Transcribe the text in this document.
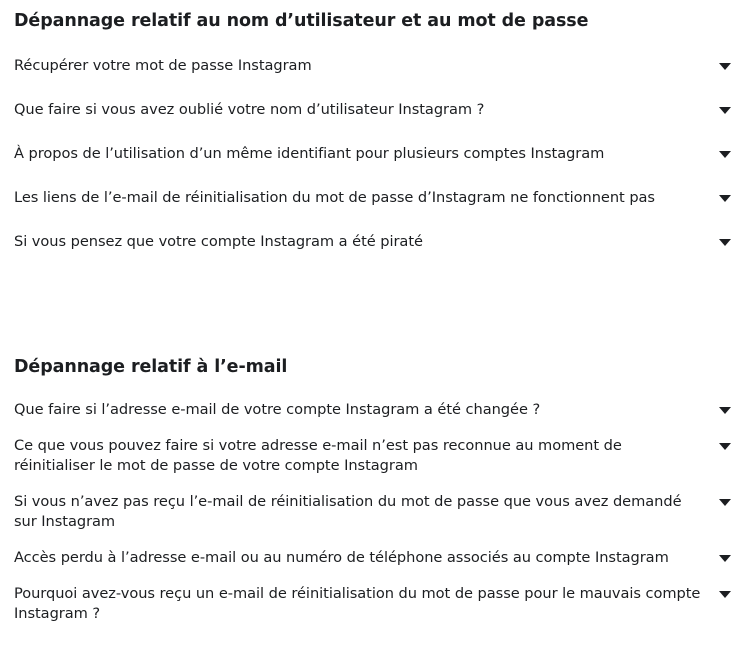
Dépannage relatif au nom d’utilisateur et au mot de passe
Récupérer votre mot de passe Instagram
Que faire si vous avez oublié votre nom d’utilisateur Instagram ?
À propos de l’utilisation d’un même identifiant pour plusieurs comptes Instagram
Les liens de l’e-mail de réinitialisation du mot de passe d’Instagram ne fonctionnent pas
Si vous pensez que votre compte Instagram a été piraté
Dépannage relatif à l’e-mail
Que faire si l’adresse e-mail de votre compte Instagram a été changée ?
Ce que vous pouvez faire si votre adresse e-mail n’est pas reconnue au moment de réinitialiser le mot de passe de votre compte Instagram
Si vous n’avez pas reçu l’e-mail de réinitialisation du mot de passe que vous avez demandé sur Instagram
Accès perdu à l’adresse e-mail ou au numéro de téléphone associés au compte Instagram
Pourquoi avez-vous reçu un e-mail de réinitialisation du mot de passe pour le mauvais compte Instagram ?
